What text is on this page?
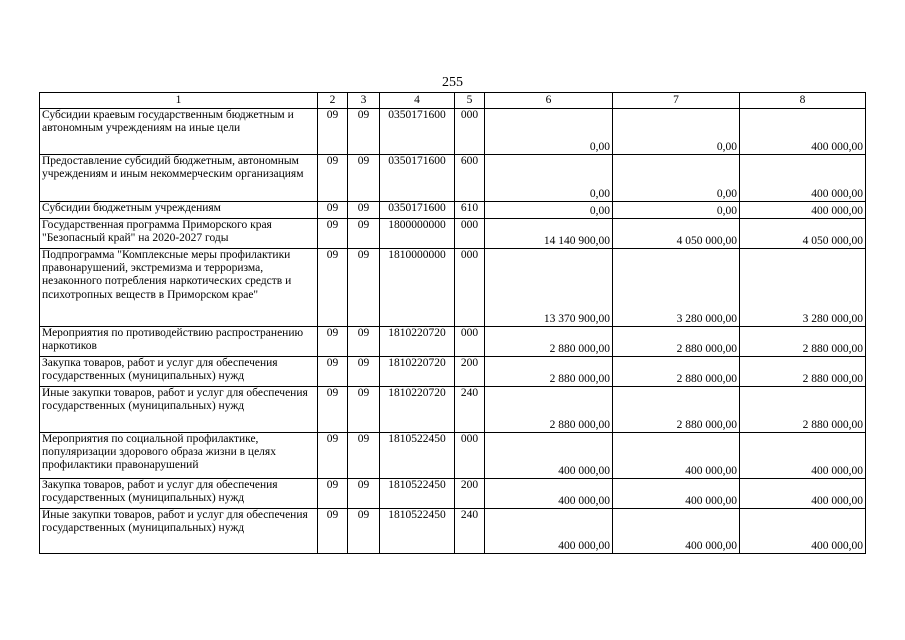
255
1	2	3	4	5	6	7	8
Субсидии краевым государственным бюджетным и автономным учреждениям на иные цели	09	09	0350171600	000	0,00	0,00	400 000,00
Предоставление субсидий бюджетным, автономным учреждениям и иным некоммерческим организациям	09	09	0350171600	600	0,00	0,00	400 000,00
Субсидии бюджетным учреждениям	09	09	0350171600	610	0,00	0,00	400 000,00
Государственная программа Приморского края "Безопасный край" на 2020-2027 годы	09	09	1800000000	000	14 140 900,00	4 050 000,00	4 050 000,00
Подпрограмма "Комплексные меры профилактики правонарушений, экстремизма и терроризма, незаконного потребления наркотических средств и психотропных веществ в Приморском крае"	09	09	1810000000	000	13 370 900,00	3 280 000,00	3 280 000,00
Мероприятия по противодействию распространению наркотиков	09	09	1810220720	000	2 880 000,00	2 880 000,00	2 880 000,00
Закупка товаров, работ и услуг для обеспечения государственных (муниципальных) нужд	09	09	1810220720	200	2 880 000,00	2 880 000,00	2 880 000,00
Иные закупки товаров, работ и услуг для обеспечения государственных (муниципальных) нужд	09	09	1810220720	240	2 880 000,00	2 880 000,00	2 880 000,00
Мероприятия по социальной профилактике, популяризации здорового образа жизни в целях профилактики правонарушений	09	09	1810522450	000	400 000,00	400 000,00	400 000,00
Закупка товаров, работ и услуг для обеспечения государственных (муниципальных) нужд	09	09	1810522450	200	400 000,00	400 000,00	400 000,00
Иные закупки товаров, работ и услуг для обеспечения государственных (муниципальных) нужд	09	09	1810522450	240	400 000,00	400 000,00	400 000,00
